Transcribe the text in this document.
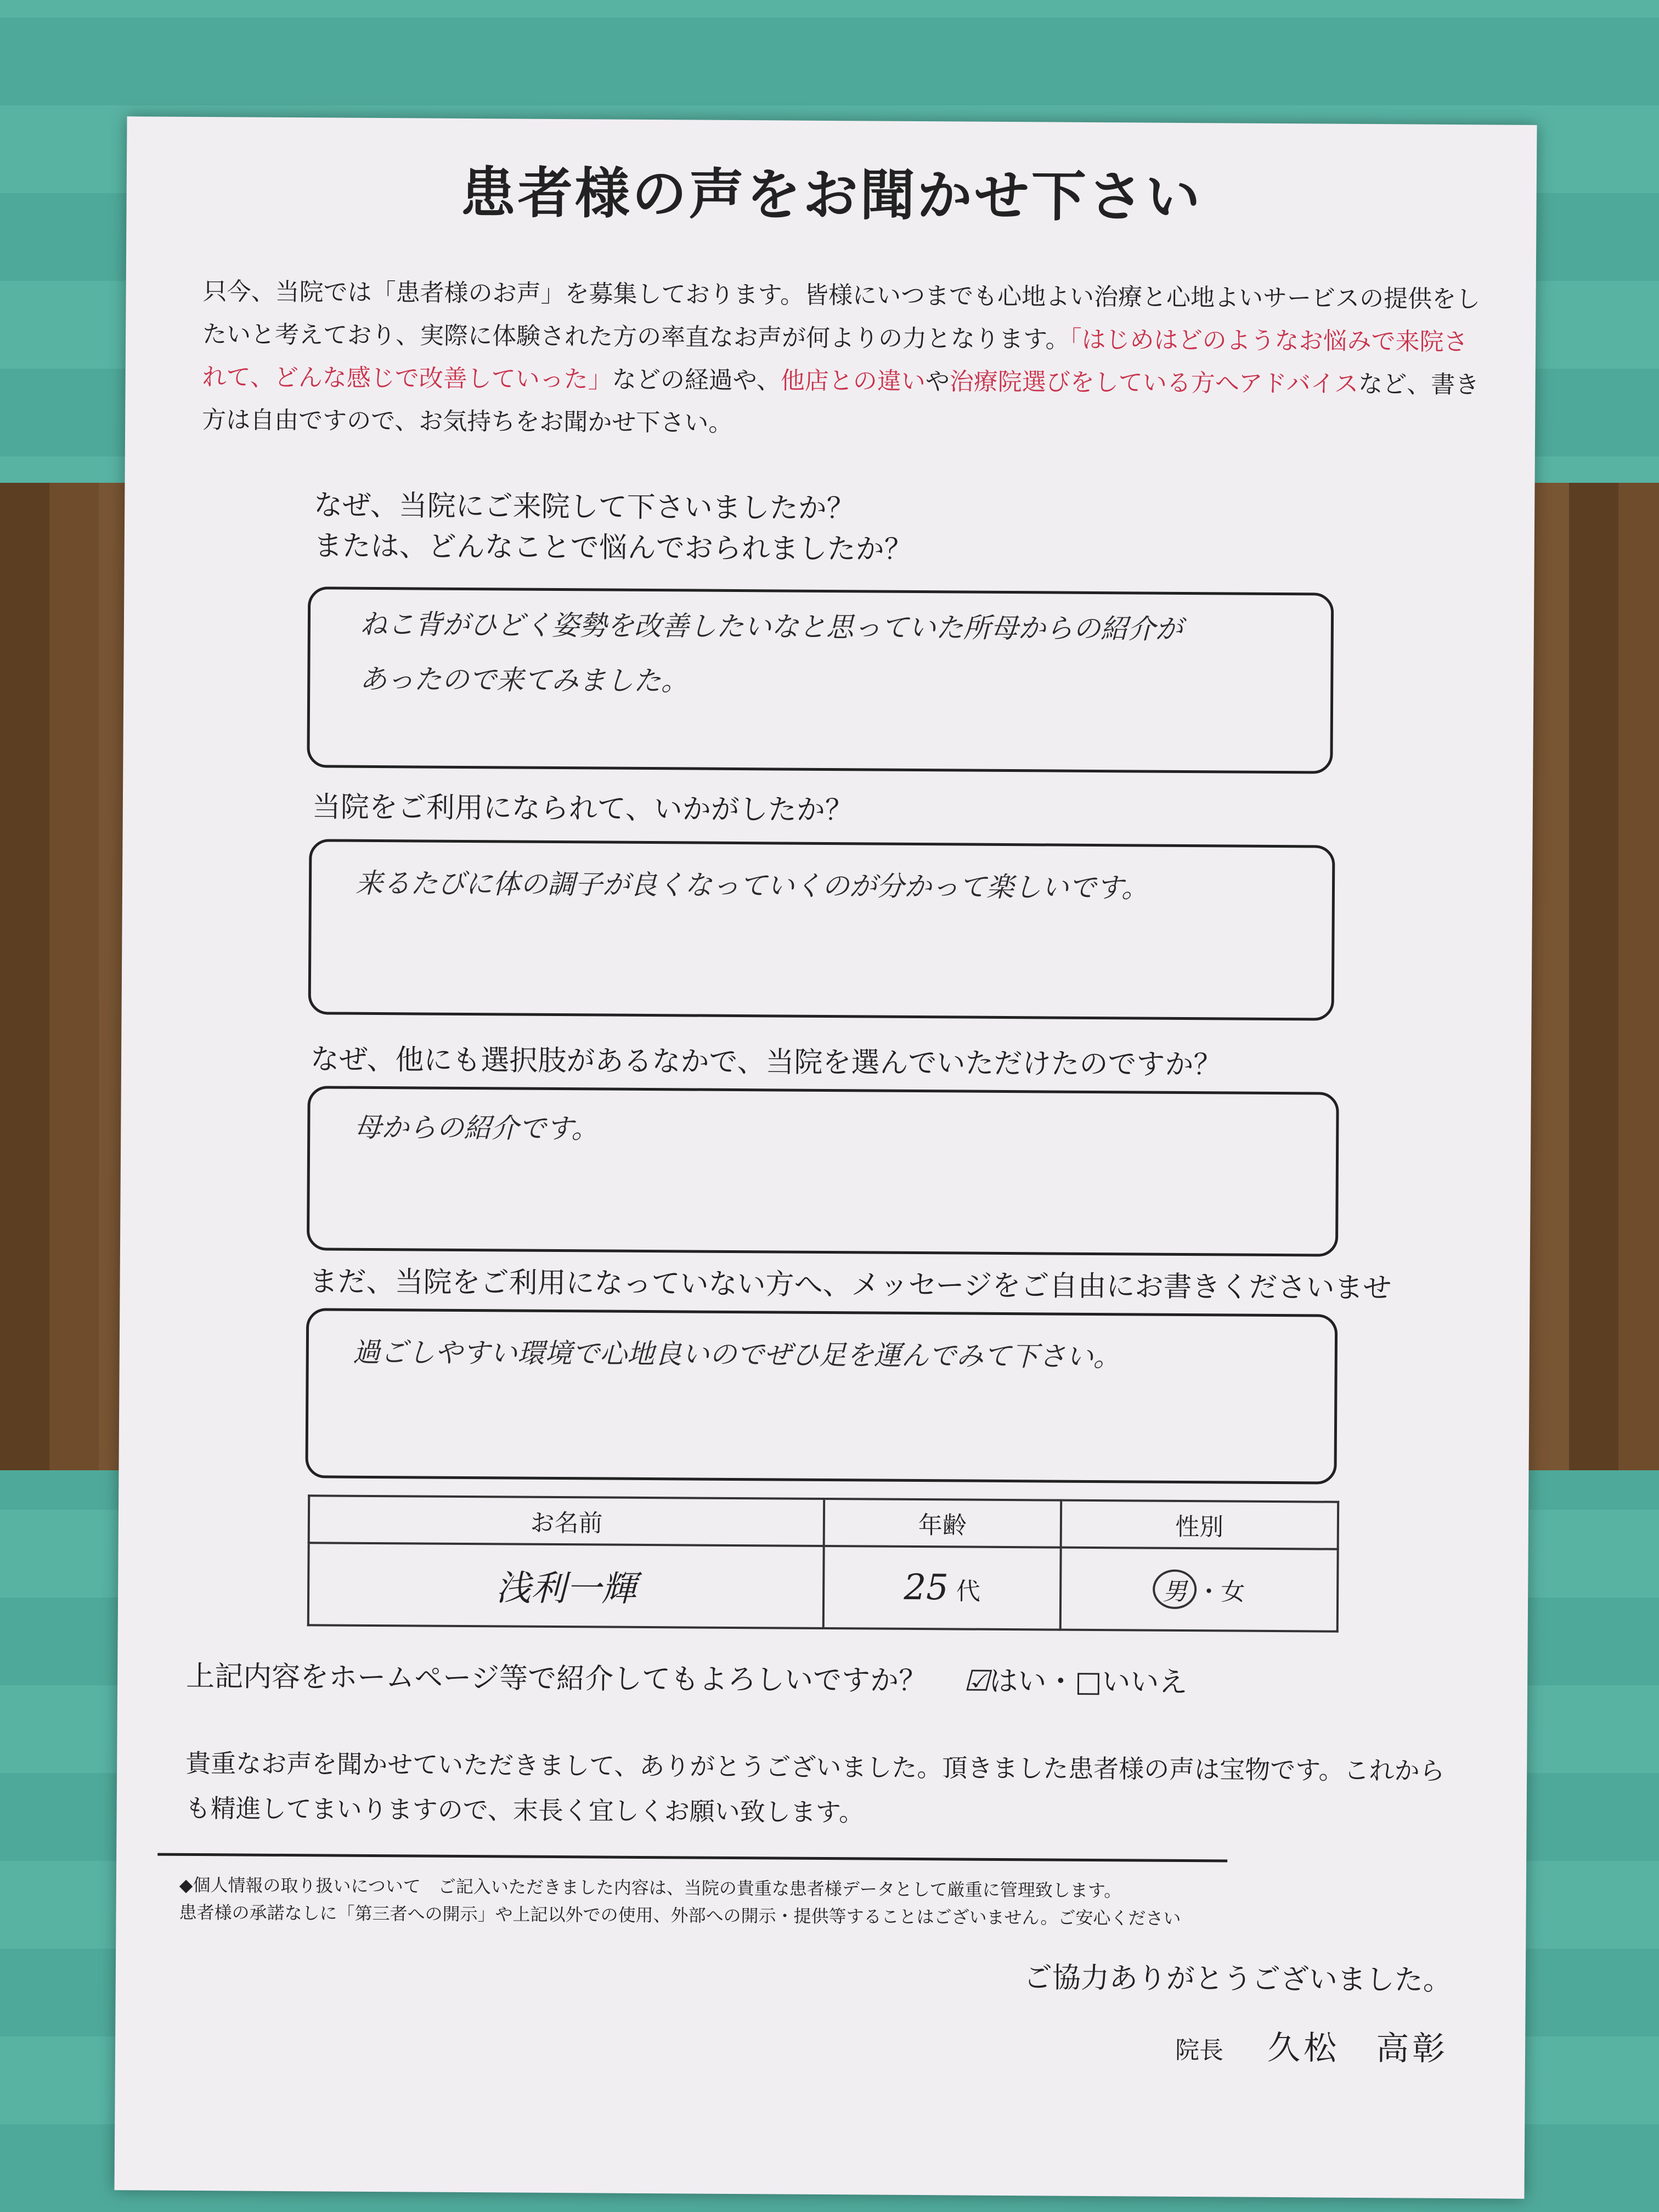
患者様の声をお聞かせ下さい
只今、当院では「患者様のお声」を募集しております。皆様にいつまでも心地よい治療と心地よいサービスの提供をしたいと考えており、実際に体験された方の率直なお声が何よりの力となります。「はじめはどのようなお悩みで来院されて、どんな感じで改善していった」などの経過や、他店との違いや治療院選びをしている方へアドバイスなど、書き方は自由ですので、お気持ちをお聞かせ下さい。
なぜ、当院にご来院して下さいましたか？
または、どんなことで悩んでおられましたか？
ねこ背がひどく姿勢を改善したいなと思っていた所母からの紹介が
あったので来てみました。
当院をご利用になられて、いかがしたか？
来るたびに体の調子が良くなっていくのが分かって楽しいです。
なぜ、他にも選択肢があるなかで、当院を選んでいただけたのですか？
母からの紹介です。
まだ、当院をご利用になっていない方へ、メッセージをご自由にお書きくださいませ
過ごしやすい環境で心地良いのでぜひ足を運んでみて下さい。
お名前	年齢	性別
浅利一輝	25 代	男 ・女
上記内容をホームページ等で紹介してもよろしいですか？ ☑はい・□いいえ
貴重なお声を聞かせていただきまして、ありがとうございました。頂きました患者様の声は宝物です。これからも精進してまいりますので、末長く宜しくお願い致します。
◆個人情報の取り扱いについて　ご記入いただきました内容は、当院の貴重な患者様データとして厳重に管理致します。
患者様の承諾なしに「第三者への開示」や上記以外での使用、外部への開示・提供等することはございません。ご安心ください
ご協力ありがとうございました。
院長 久松　高彰
